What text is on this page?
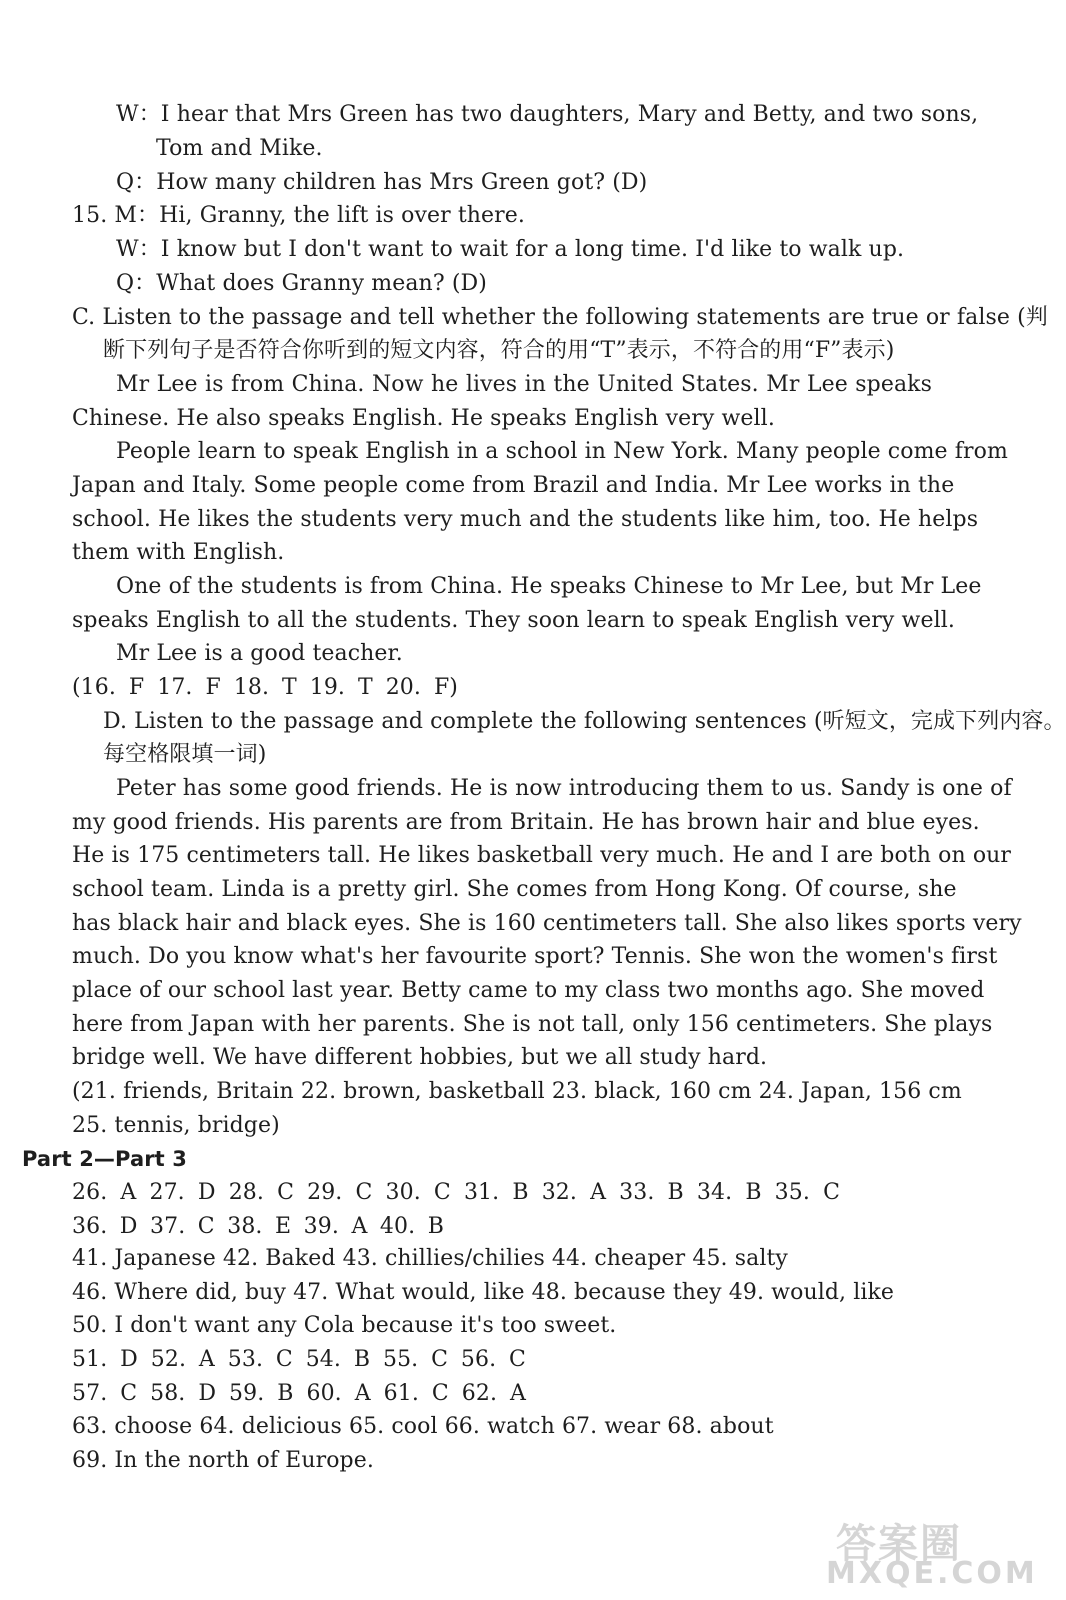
W：I hear that Mrs Green has two daughters, Mary and Betty, and two sons,
Tom and Mike.
Q：How many children has Mrs Green got? (D)
15. M：Hi, Granny, the lift is over there.
W：I know but I don't want to wait for a long time. I'd like to walk up.
Q：What does Granny mean? (D)
C. Listen to the passage and tell whether the following statements are true or false (判
断下列句子是否符合你听到的短文内容，符合的用“T”表示，不符合的用“F”表示)
Mr Lee is from China. Now he lives in the United States. Mr Lee speaks
Chinese. He also speaks English. He speaks English very well.
People learn to speak English in a school in New York. Many people come from
Japan and Italy. Some people come from Brazil and India. Mr Lee works in the
school. He likes the students very much and the students like him, too. He helps
them with English.
One of the students is from China. He speaks Chinese to Mr Lee, but Mr Lee
speaks English to all the students. They soon learn to speak English very well.
Mr Lee is a good teacher.
(16. F 17. F 18. T 19. T 20. F)
D. Listen to the passage and complete the following sentences (听短文，完成下列内容。
每空格限填一词)
Peter has some good friends. He is now introducing them to us. Sandy is one of
my good friends. His parents are from Britain. He has brown hair and blue eyes.
He is 175 centimeters tall. He likes basketball very much. He and I are both on our
school team. Linda is a pretty girl. She comes from Hong Kong. Of course, she
has black hair and black eyes. She is 160 centimeters tall. She also likes sports very
much. Do you know what's her favourite sport? Tennis. She won the women's first
place of our school last year. Betty came to my class two months ago. She moved
here from Japan with her parents. She is not tall, only 156 centimeters. She plays
bridge well. We have different hobbies, but we all study hard.
(21. friends, Britain 22. brown, basketball 23. black, 160 cm 24. Japan, 156 cm
25. tennis, bridge)
Part 2—Part 3
26. A 27. D 28. C 29. C 30. C 31. B 32. A 33. B 34. B 35. C
36. D 37. C 38. E 39. A 40. B
41. Japanese 42. Baked 43. chillies/chilies 44. cheaper 45. salty
46. Where did, buy 47. What would, like 48. because they 49. would, like
50. I don't want any Cola because it's too sweet.
51. D 52. A 53. C 54. B 55. C 56. C
57. C 58. D 59. B 60. A 61. C 62. A
63. choose 64. delicious 65. cool 66. watch 67. wear 68. about
69. In the north of Europe.
答案圈
MXQE.COM
